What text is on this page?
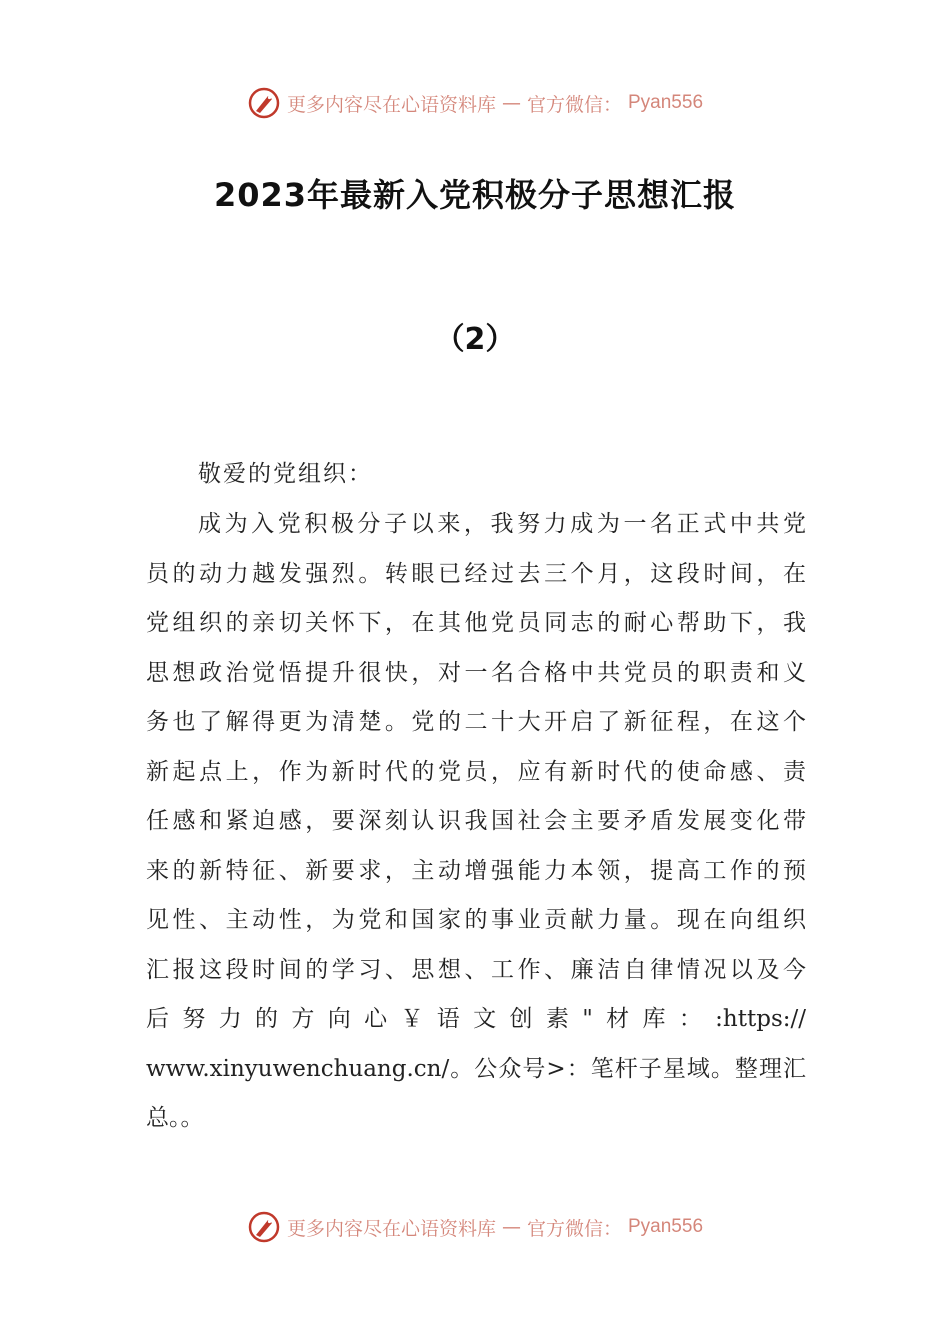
更多内容尽在心语资料库 — 官方微信： Pyan556
2023年最新入党积极分子思想汇报
（2）
敬爱的党组织：
成为入党积极分子以来，我努力成为一名正式中共党
员的动力越发强烈。转眼已经过去三个月，这段时间，在
党组织的亲切关怀下，在其他党员同志的耐心帮助下，我
思想政治觉悟提升很快，对一名合格中共党员的职责和义
务也了解得更为清楚。党的二十大开启了新征程，在这个
新起点上，作为新时代的党员，应有新时代的使命感、责
任感和紧迫感，要深刻认识我国社会主要矛盾发展变化带
来的新特征、新要求，主动增强能力本领，提高工作的预
见性、主动性，为党和国家的事业贡献力量。现在向组织
汇报这段时间的学习、思想、工作、廉洁自律情况以及今
后努力的方向心￥语文创素"材库：:https://
www.xinyuwenchuang.cn/。公众号>：笔杆子星域。整理汇
总。。
更多内容尽在心语资料库 — 官方微信： Pyan556
